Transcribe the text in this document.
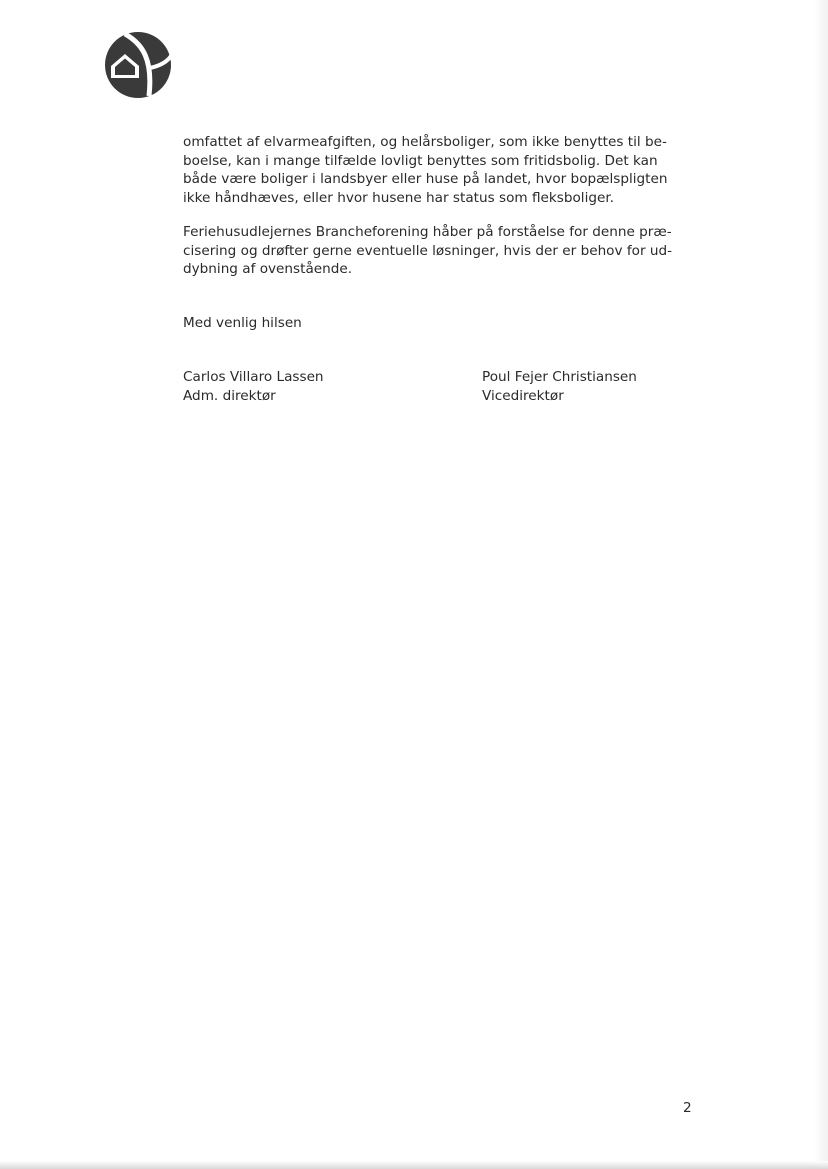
omfattet af elvarmeafgiften, og helårsboliger, som ikke benyttes til be-
boelse, kan i mange tilfælde lovligt benyttes som fritidsbolig. Det kan
både være boliger i landsbyer eller huse på landet, hvor bopælspligten
ikke håndhæves, eller hvor husene har status som fleksboliger.
Feriehusudlejernes Brancheforening håber på forståelse for denne præ-
cisering og drøfter gerne eventuelle løsninger, hvis der er behov for ud-
dybning af ovenstående.
Med venlig hilsen
Carlos Villaro Lassen
Adm. direktør
Poul Fejer Christiansen
Vicedirektør
2
